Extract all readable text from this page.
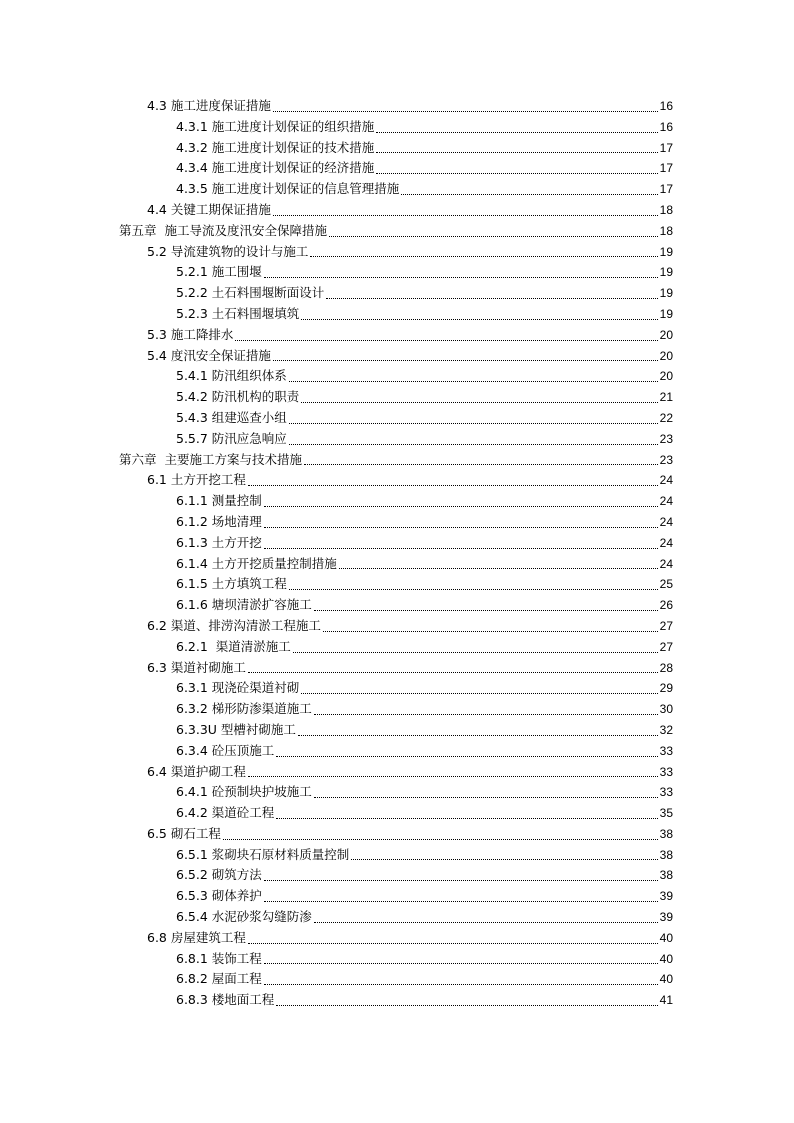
4.3 施工进度保证措施	16
4.3.1 施工进度计划保证的组织措施	16
4.3.2 施工进度计划保证的技术措施	17
4.3.4 施工进度计划保证的经济措施	17
4.3.5 施工进度计划保证的信息管理措施	17
4.4 关键工期保证措施	18
第五章  施工导流及度汛安全保障措施	18
5.2 导流建筑物的设计与施工	19
5.2.1 施工围堰	19
5.2.2 土石料围堰断面设计	19
5.2.3 土石料围堰填筑	19
5.3 施工降排水	20
5.4 度汛安全保证措施	20
5.4.1 防汛组织体系	20
5.4.2 防汛机构的职责	21
5.4.3 组建巡查小组	22
5.5.7 防汛应急响应	23
第六章  主要施工方案与技术措施	23
6.1 土方开挖工程	24
6.1.1 测量控制	24
6.1.2 场地清理	24
6.1.3 土方开挖	24
6.1.4 土方开挖质量控制措施	24
6.1.5 土方填筑工程	25
6.1.6 塘坝清淤扩容施工	26
6.2 渠道、排涝沟清淤工程施工	27
6.2.1  渠道清淤施工	27
6.3 渠道衬砌施工	28
6.3.1 现浇砼渠道衬砌	29
6.3.2 梯形防渗渠道施工	30
6.3.3U 型槽衬砌施工	32
6.3.4 砼压顶施工	33
6.4 渠道护砌工程	33
6.4.1 砼预制块护坡施工	33
6.4.2 渠道砼工程	35
6.5 砌石工程	38
6.5.1 浆砌块石原材料质量控制	38
6.5.2 砌筑方法	38
6.5.3 砌体养护	39
6.5.4 水泥砂浆勾缝防渗	39
6.8 房屋建筑工程	40
6.8.1 装饰工程	40
6.8.2 屋面工程	40
6.8.3 楼地面工程	41
